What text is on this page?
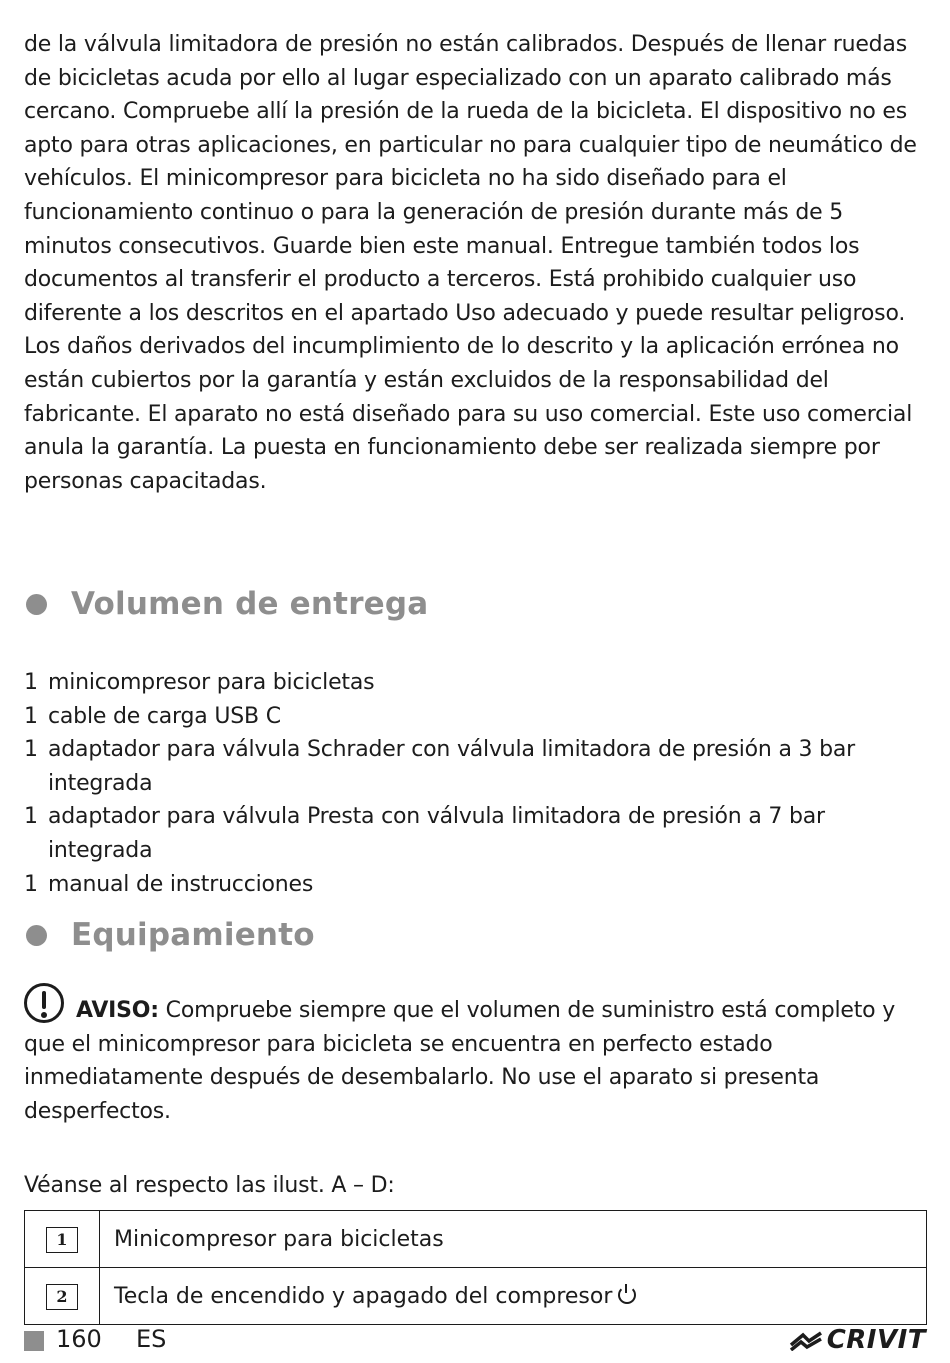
de la válvula limitadora de presión no están calibrados. Después de llenar ruedas de bicicletas acuda por ello al lugar especializado con un aparato calibrado más cercano. Compruebe allí la presión de la rueda de la bicicleta. El dispositivo no es apto para otras aplicaciones, en particular no para cualquier tipo de neumático de vehículos. El minicompresor para bicicleta no ha sido diseñado para el funcionamiento continuo o para la generación de presión durante más de 5 minutos consecutivos. Guarde bien este manual. Entregue también todos los documentos al transferir el producto a terceros. Está prohibido cualquier uso diferente a los descritos en el apartado Uso adecuado y puede resultar peligroso. Los daños derivados del incumplimiento de lo descrito y la aplicación errónea no están cubiertos por la garantía y están excluidos de la responsabilidad del fabricante. El aparato no está diseñado para su uso comercial. Este uso comercial anula la garantía. La puesta en funcionamiento debe ser realizada siempre por personas capacitadas.

Volumen de entrega
1 minicompresor para bicicletas
1 cable de carga USB C
1 adaptador para válvula Schrader con válvula limitadora de presión a 3 bar integrada
1 adaptador para válvula Presta con válvula limitadora de presión a 7 bar integrada
1 manual de instrucciones
Equipamiento

AVISO: Compruebe siempre que el volumen de suministro está completo y que el minicompresor para bicicleta se encuentra en perfecto estado inmediatamente después de desembalarlo. No use el aparato si presenta desperfectos.

Véanse al respecto las ilust. A – D:

1	Minicompresor para bicicletas
2	Tecla de encendido y apagado del compresor
160 ES	CRIVIT
